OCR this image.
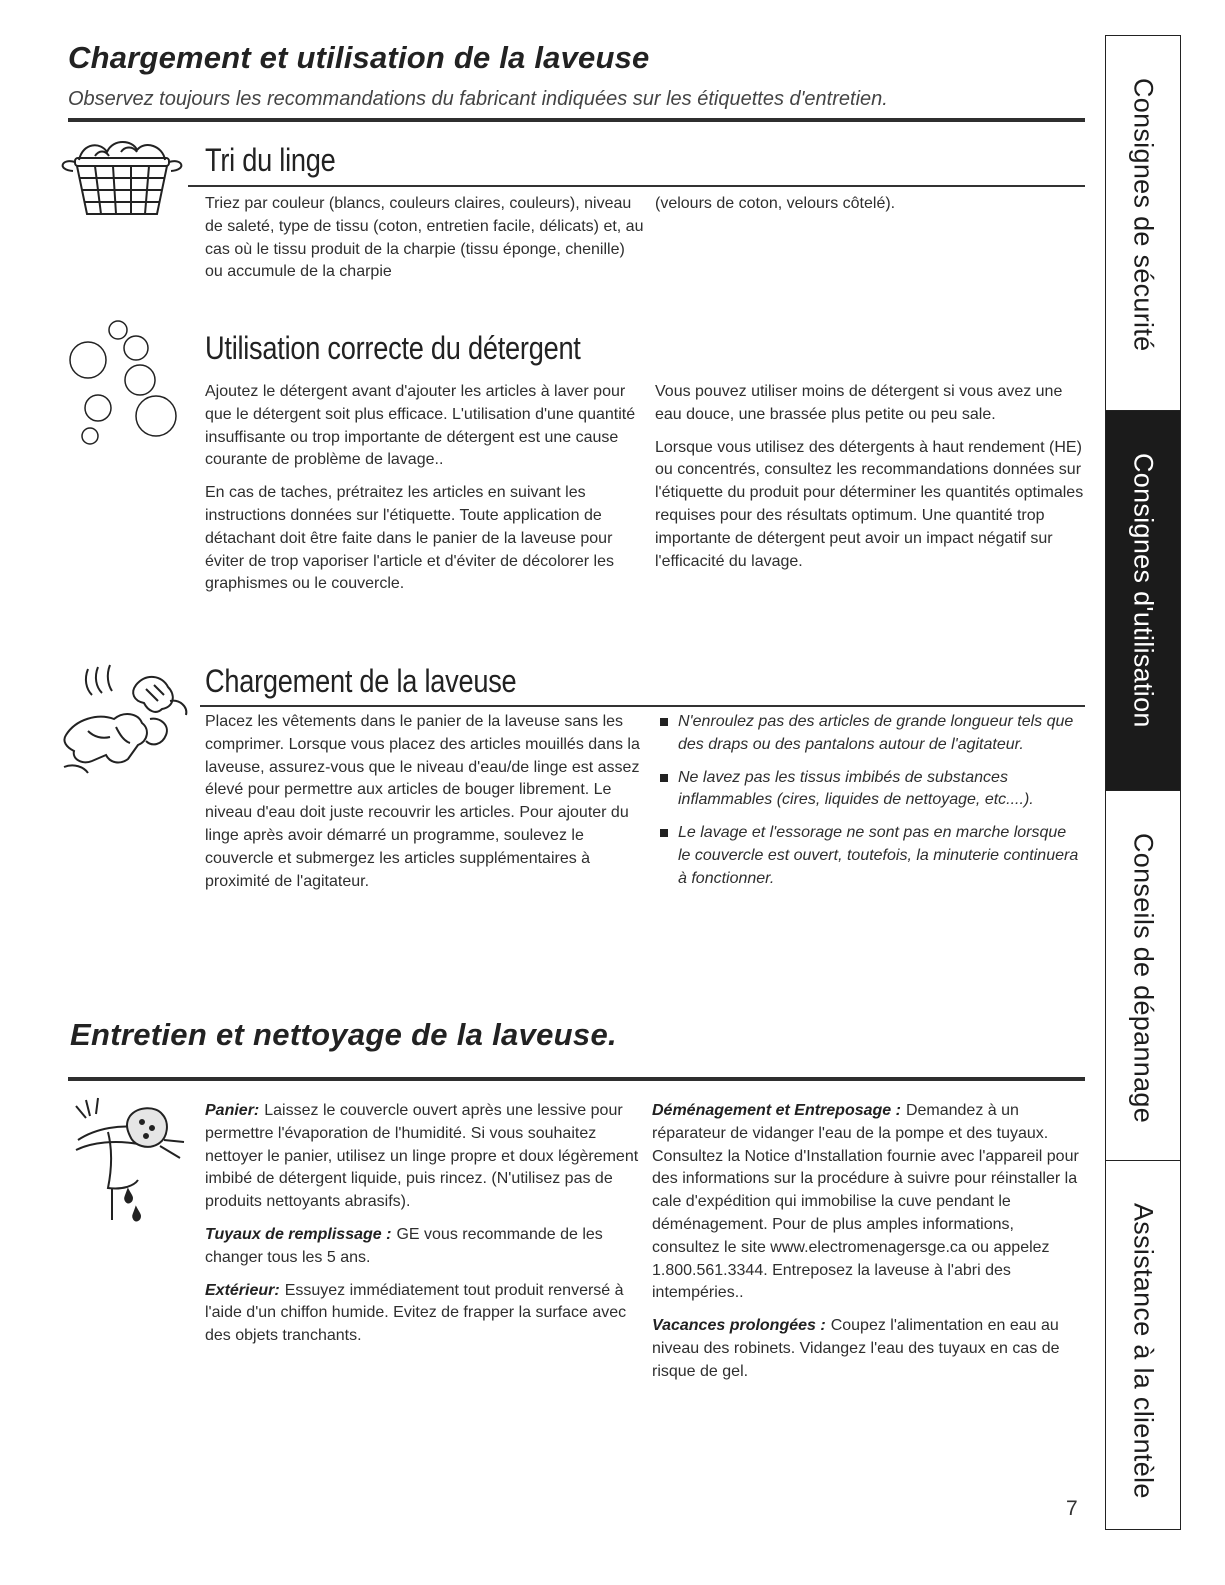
Chargement et utilisation de la laveuse
Observez toujours les recommandations du fabricant indiquées sur les étiquettes d'entretien.
Tri du linge

Triez par couleur (blancs, couleurs claires, couleurs), niveau de saleté, type de tissu (coton, entretien facile, délicats) et, au cas où le tissu produit de la charpie (tissu éponge, chenille) ou accumule de la charpie

(velours de coton, velours côtelé).

Utilisation correcte du détergent

Ajoutez le détergent avant d'ajouter les articles à laver pour que le détergent soit plus efficace. L'utilisation d'une quantité insuffisante ou trop importante de détergent est une cause courante de problème de lavage..

En cas de taches, prétraitez les articles en suivant les instructions données sur l'étiquette. Toute application de détachant doit être faite dans le panier de la laveuse pour éviter de trop vaporiser l'article et d'éviter de décolorer les graphismes ou le couvercle.

Vous pouvez utiliser moins de détergent si vous avez une eau douce, une brassée plus petite ou peu sale.

Lorsque vous utilisez des détergents à haut rendement (HE) ou concentrés, consultez les recommandations données sur l'étiquette du produit pour déterminer les quantités optimales requises pour des résultats optimum. Une quantité trop importante de détergent peut avoir un impact négatif sur l'efficacité du lavage.

Chargement de la laveuse

Placez les vêtements dans le panier de la laveuse sans les comprimer. Lorsque vous placez des articles mouillés dans la laveuse, assurez-vous que le niveau d'eau/de linge est assez élevé pour permettre aux articles de bouger librement. Le niveau d'eau doit juste recouvrir les articles. Pour ajouter du linge après avoir démarré un programme, soulevez le couvercle et submergez les articles supplémentaires à proximité de l'agitateur.

N'enroulez pas des articles de grande longueur tels que des draps ou des pantalons autour de l'agitateur.
Ne lavez pas les tissus imbibés de substances inflammables (cires, liquides de nettoyage, etc....).
Le lavage et l'essorage ne sont pas en marche lorsque le couvercle est ouvert, toutefois, la minuterie continuera à fonctionner.
Entretien et nettoyage de la laveuse.

Panier: Laissez le couvercle ouvert après une lessive pour permettre l'évaporation de l'humidité. Si vous souhaitez nettoyer le panier, utilisez un linge propre et doux légèrement imbibé de détergent liquide, puis rincez. (N'utilisez pas de produits nettoyants abrasifs).

Tuyaux de remplissage : GE vous recommande de les changer tous les 5 ans.

Extérieur: Essuyez immédiatement tout produit renversé à l'aide d'un chiffon humide. Evitez de frapper la surface avec des objets tranchants.

Déménagement et Entreposage : Demandez à un réparateur de vidanger l'eau de la pompe et des tuyaux. Consultez la Notice d'Installation fournie avec l'appareil pour des informations sur la procédure à suivre pour réinstaller la cale d'expédition qui immobilise la cuve pendant le déménagement. Pour de plus amples informations, consultez le site www.electromenagersge.ca ou appelez 1.800.561.3344. Entreposez la laveuse à l'abri des intempéries..

Vacances prolongées : Coupez l'alimentation en eau au niveau des robinets. Vidangez l'eau des tuyaux en cas de risque de gel.

7
Consignes de sécurité
Consignes d'utilisation
Conseils de dépannage
Assistance à la clientèle
